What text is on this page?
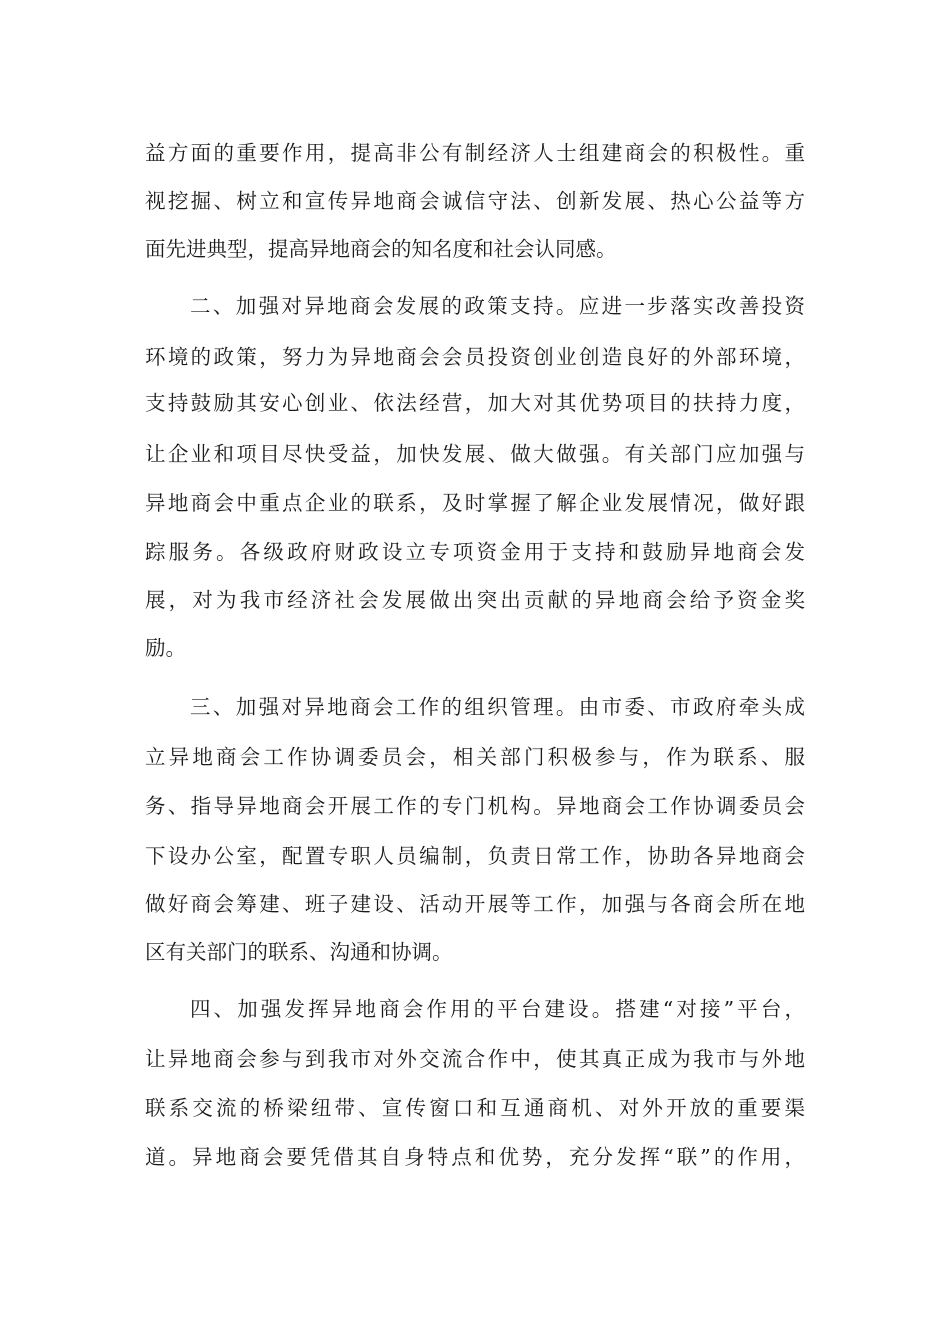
益方面的重要作用，提高非公有制经济人士组建商会的积极性。重
视挖掘、树立和宣传异地商会诚信守法、创新发展、热心公益等方
面先进典型，提高异地商会的知名度和社会认同感。
二、加强对异地商会发展的政策支持。应进一步落实改善投资
环境的政策，努力为异地商会会员投资创业创造良好的外部环境，
支持鼓励其安心创业、依法经营，加大对其优势项目的扶持力度，
让企业和项目尽快受益，加快发展、做大做强。有关部门应加强与
异地商会中重点企业的联系，及时掌握了解企业发展情况，做好跟
踪服务。各级政府财政设立专项资金用于支持和鼓励异地商会发
展，对为我市经济社会发展做出突出贡献的异地商会给予资金奖
励。
三、加强对异地商会工作的组织管理。由市委、市政府牵头成
立异地商会工作协调委员会，相关部门积极参与，作为联系、服
务、指导异地商会开展工作的专门机构。异地商会工作协调委员会
下设办公室，配置专职人员编制，负责日常工作，协助各异地商会
做好商会筹建、班子建设、活动开展等工作，加强与各商会所在地
区有关部门的联系、沟通和协调。
四、加强发挥异地商会作用的平台建设。搭建“对接”平台，
让异地商会参与到我市对外交流合作中，使其真正成为我市与外地
联系交流的桥梁纽带、宣传窗口和互通商机、对外开放的重要渠
道。异地商会要凭借其自身特点和优势，充分发挥“联”的作用，
